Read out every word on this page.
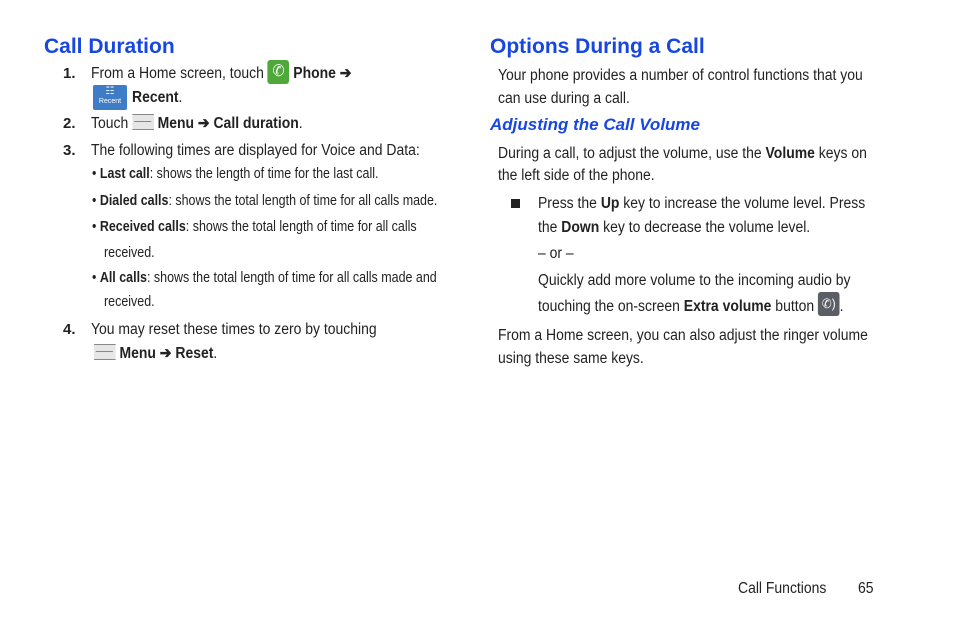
Call Duration
1. From a Home screen, touch ✆ Phone ➔
☷
Recent Recent.
2. Touch Menu ➔ Call duration.
3. The following times are displayed for Voice and Data:
• Last call: shows the length of time for the last call.
• Dialed calls: shows the total length of time for all calls made.
• Received calls: shows the total length of time for all calls
received.
• All calls: shows the total length of time for all calls made and
received.
4. You may reset these times to zero by touching
Menu ➔ Reset.
Options During a Call
Your phone provides a number of control functions that you
can use during a call.
Adjusting the Call Volume
During a call, to adjust the volume, use the Volume keys on
the left side of the phone.
Press the Up key to increase the volume level. Press
the Down key to decrease the volume level.
– or –
Quickly add more volume to the incoming audio by
touching the on-screen Extra volume button ✆) .
From a Home screen, you can also adjust the ringer volume
using these same keys.
Call Functions	65
